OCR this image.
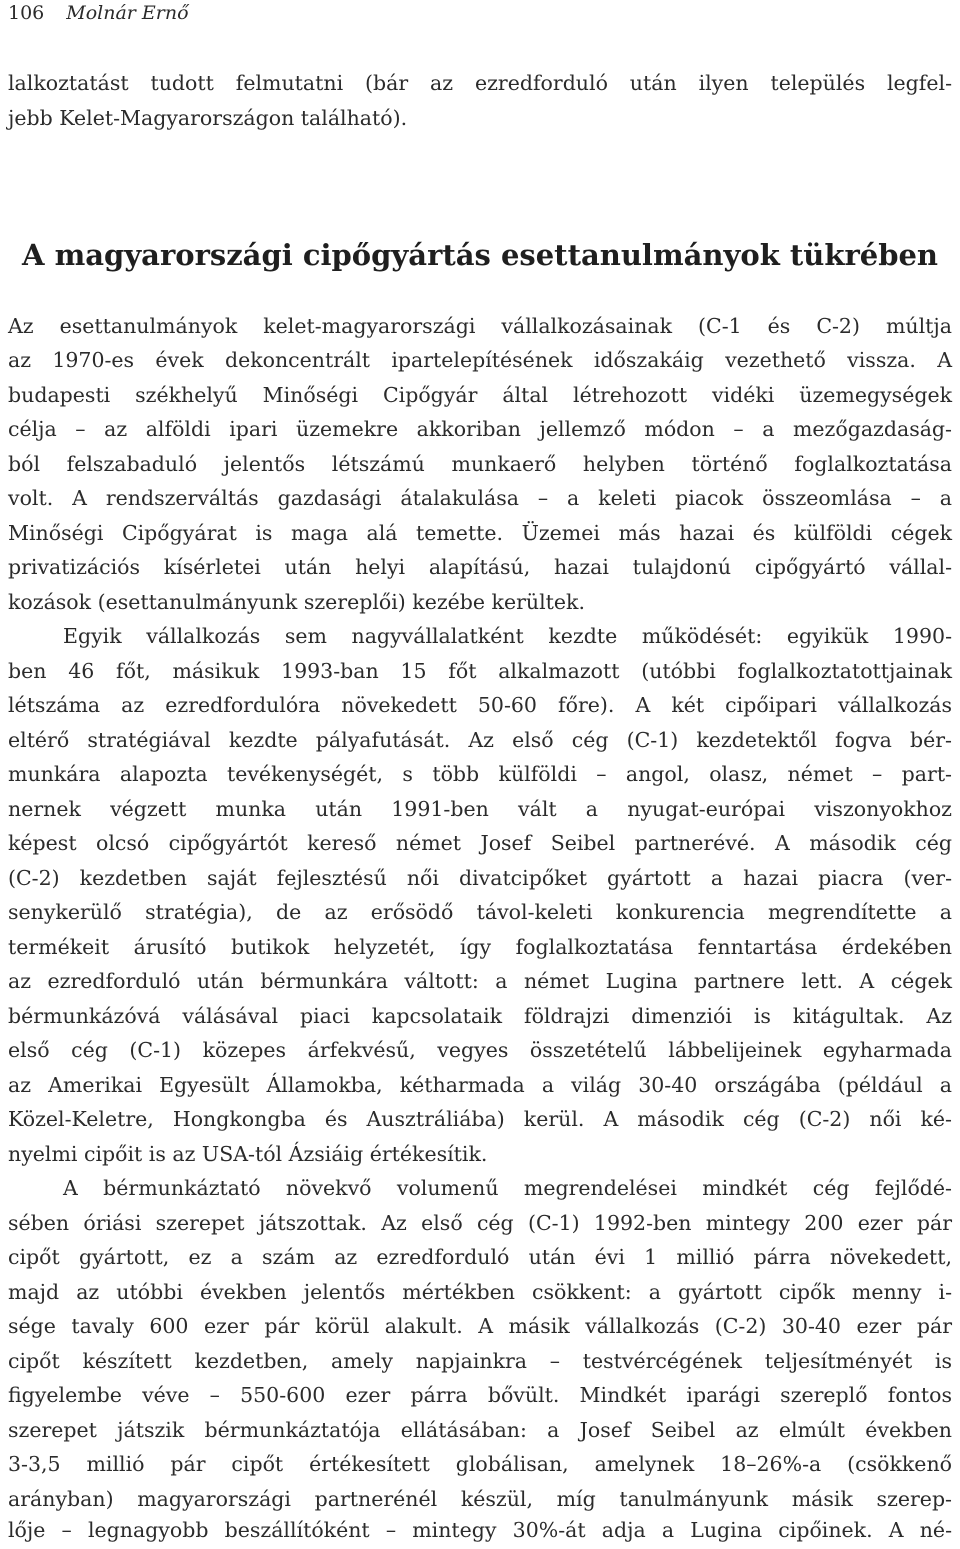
106 Molnár Ernő
lalkoztatást tudott felmutatni (bár az ezredforduló után ilyen település legfel-
jebb Kelet-Magyarországon található).
A magyarországi cipőgyártás esettanulmányok tükrében
Az esettanulmányok kelet-magyarországi vállalkozásainak (C-1 és C-2) múltja
az 1970-es évek dekoncentrált ipartelepítésének időszakáig vezethető vissza. A
budapesti székhelyű Minőségi Cipőgyár által létrehozott vidéki üzemegységek
célja – az alföldi ipari üzemekre akkoriban jellemző módon – a mezőgazdaság-
ból felszabaduló jelentős létszámú munkaerő helyben történő foglalkoztatása
volt. A rendszerváltás gazdasági átalakulása – a keleti piacok összeomlása – a
Minőségi Cipőgyárat is maga alá temette. Üzemei más hazai és külföldi cégek
privatizációs kísérletei után helyi alapítású, hazai tulajdonú cipőgyártó vállal-
kozások (esettanulmányunk szereplői) kezébe kerültek.
Egyik vállalkozás sem nagyvállalatként kezdte működését: egyikük 1990-
ben 46 főt, másikuk 1993-ban 15 főt alkalmazott (utóbbi foglalkoztatottjainak
létszáma az ezredfordulóra növekedett 50-60 főre). A két cipőipari vállalkozás
eltérő stratégiával kezdte pályafutását. Az első cég (C-1) kezdetektől fogva bér-
munkára alapozta tevékenységét, s több külföldi – angol, olasz, német – part-
nernek végzett munka után 1991-ben vált a nyugat-európai viszonyokhoz
képest olcsó cipőgyártót kereső német Josef Seibel partnerévé. A második cég
(C-2) kezdetben saját fejlesztésű női divatcipőket gyártott a hazai piacra (ver-
senykerülő stratégia), de az erősödő távol-keleti konkurencia megrendítette a
termékeit árusító butikok helyzetét, így foglalkoztatása fenntartása érdekében
az ezredforduló után bérmunkára váltott: a német Lugina partnere lett. A cégek
bérmunkázóvá válásával piaci kapcsolataik földrajzi dimenziói is kitágultak. Az
első cég (C-1) közepes árfekvésű, vegyes összetételű lábbelijeinek egyharmada
az Amerikai Egyesült Államokba, kétharmada a világ 30-40 országába (például a
Közel-Keletre, Hongkongba és Ausztráliába) kerül. A második cég (C-2) női ké-
nyelmi cipőit is az USA-tól Ázsiáig értékesítik.
A bérmunkáztató növekvő volumenű megrendelései mindkét cég fejlődé-
sében óriási szerepet játszottak. Az első cég (C-1) 1992-ben mintegy 200 ezer pár
cipőt gyártott, ez a szám az ezredforduló után évi 1 millió párra növekedett,
majd az utóbbi években jelentős mértékben csökkent: a gyártott cipők menny i-
sége tavaly 600 ezer pár körül alakult. A másik vállalkozás (C-2) 30-40 ezer pár
cipőt készített kezdetben, amely napjainkra – testvércégének teljesítményét is
figyelembe véve – 550-600 ezer párra bővült. Mindkét iparági szereplő fontos
szerepet játszik bérmunkáztatója ellátásában: a Josef Seibel az elmúlt években
3-3,5 millió pár cipőt értékesített globálisan, amelynek 18–26%-a (csökkenő
arányban) magyarországi partnerénél készül, míg tanulmányunk másik szerep-
lője – legnagyobb beszállítóként – mintegy 30%-át adja a Lugina cipőinek. A né-
